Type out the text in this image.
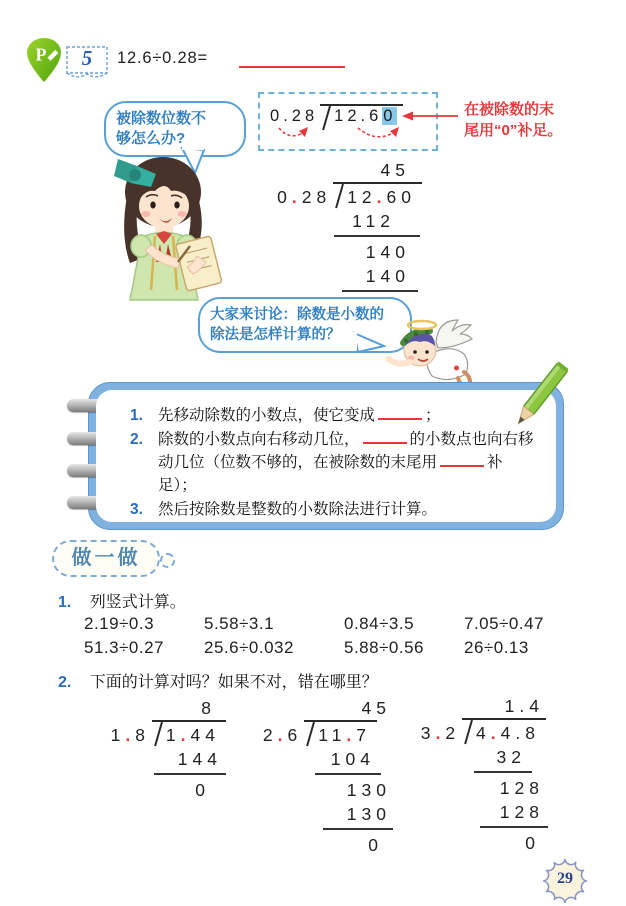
P	5	12.6÷0.28=
被除数位数不
够怎么办?
0.28 12.60	在被除数的末
尾用“0”补足。
45
0.28 12.60
112
140
140
大家来讨论：除数是小数的
除法是怎样计算的？
1. 先移动除数的小数点，使它变成	；
2. 除数的小数点向右移动几位，	的小数点也向右移动几位（位数不够的，在被除数的末尾用	补足）；
3. 然后按除数是整数的小数除法进行计算。
做一做
1. 列竖式计算。
2.19÷0.3	5.58÷3.1	0.84÷3.5	7.05÷0.47
51.3÷0.27	25.6÷0.032	5.88÷0.56	26÷0.13
2. 下面的计算对吗？如果不对，错在哪里？
8
1.8 1.44
144
0
45
2.6 11.7
104
130
130
0
1.4
3.2 4.4.8
32
128
128
0
29
